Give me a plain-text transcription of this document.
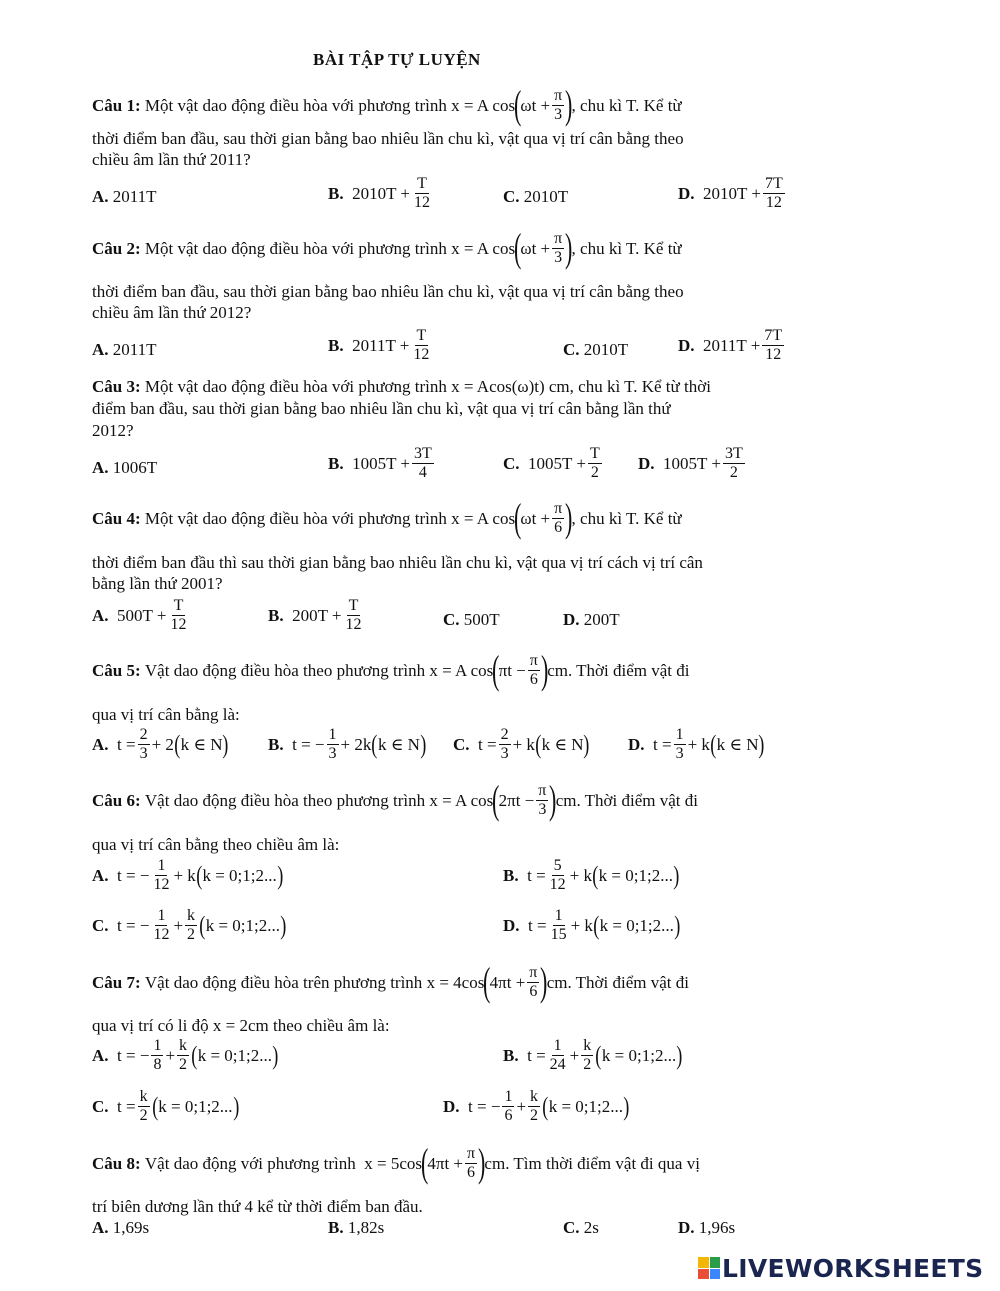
BÀI TẬP TỰ LUYỆN
Câu 1:
Một vật dao động điều hòa với phương trình x = A cos
(
$\omega t + \frac{\pi}{3}$ )
, chu kì T. Kể từ
thời điểm ban đầu, sau thời gian bằng bao nhiêu lần chu kì, vật qua vị trí cân bằng theo
chiều âm lần thứ 2011?
A. 2011T	B. $2010T + \frac{T}{12}$	C. 2010T	D. $2010T + \frac{7T}{12}$
Câu 2:
Một vật dao động điều hòa với phương trình x = A cos
(
$\omega t + \frac{\pi}{3}$ )
, chu kì T. Kể từ
thời điểm ban đầu, sau thời gian bằng bao nhiêu lần chu kì, vật qua vị trí cân bằng theo
chiều âm lần thứ 2012?
A. 2011T	B. $2011T + \frac{T}{12}$	C. 2010T	D. $2011T + \frac{7T}{12}$
Câu 3: Một vật dao động điều hòa với phương trình x = Acos(ω)t) cm, chu kì T. Kể từ thời
điểm ban đầu, sau thời gian bằng bao nhiêu lần chu kì, vật qua vị trí cân bằng lần thứ
2012?
A. 1006T	B. $1005T + \frac{3T}{4}$	C. $1005T + \frac{T}{2} D$. $1005T + \frac{3T}{2}$
Câu 4:
Một vật dao động điều hòa với phương trình x = A cos
(
$\omega t + \frac{\pi}{6}$ )
, chu kì T. Kể từ
thời điểm ban đầu thì sau thời gian bằng bao nhiêu lần chu kì, vật qua vị trí cách vị trí cân
bằng lần thứ 2001?
A. $500T + \frac{T}{12}$	B. $200T + \frac{T}{12}$	C. 500T	D. 200T
Câu 5:
Vật dao động điều hòa theo phương trình x = A cos
(
$\pi t - \frac{\pi}{6}$ )
cm . Thời điểm vật đi
qua vị trí cân bằng là:
A. $t = \frac{2}{3} + 2$ ( k ∈ N ) B. t = − $\frac{1}{3} + 2k$ ( k ∈ N ) C. $t = \frac{2}{3} + k$ ( k ∈ N ) D. $t = \frac{1}{3} + k$ ( k ∈ N )
Câu 6:
Vật dao động điều hòa theo phương trình x = A cos
(
$2\pi t - \frac{\pi}{3}$ )
cm . Thời điểm vật đi
qua vị trí cân bằng theo chiều âm là:
A. t = − $\frac{1}{12} + k$ ( k = 0;1;2... )	B. $t = \frac{5}{12} + k$ ( k = 0;1;2... )
C. t = − $\frac{1}{12} + \frac{k}{2}$ ( k = 0;1;2... )	D. $t = \frac{1}{15} + k$ ( k = 0;1;2... )
Câu 7:
Vật dao động điều hòa trên phương trình x = 4cos
(
$4\pi t + \frac{\pi}{6}$ )
cm . Thời điểm vật đi
qua vị trí có li độ x = 2cm theo chiều âm là:
A. t = − $\frac{1}{8} + \frac{k}{2}$ ( k = 0;1;2... )	B. $t = \frac{1}{24} + \frac{k}{2}$ ( k = 0;1;2... )
C. $t = \frac{k}{2}$ ( k = 0;1;2... )	D. t = − $\frac{1}{6} + \frac{k}{2}$ ( k = 0;1;2... )
Câu 8:
Vật dao động với phương trình x = 5cos
(
$4\pi t + \frac{\pi}{6}$ )
cm . Tìm thời điểm vật đi qua vị
trí biên dương lần thứ 4 kể từ thời điểm ban đầu.
A. 1,69s	B. 1,82s	C. 2s	D. 1,96s
LIVEWORKSHEETS
